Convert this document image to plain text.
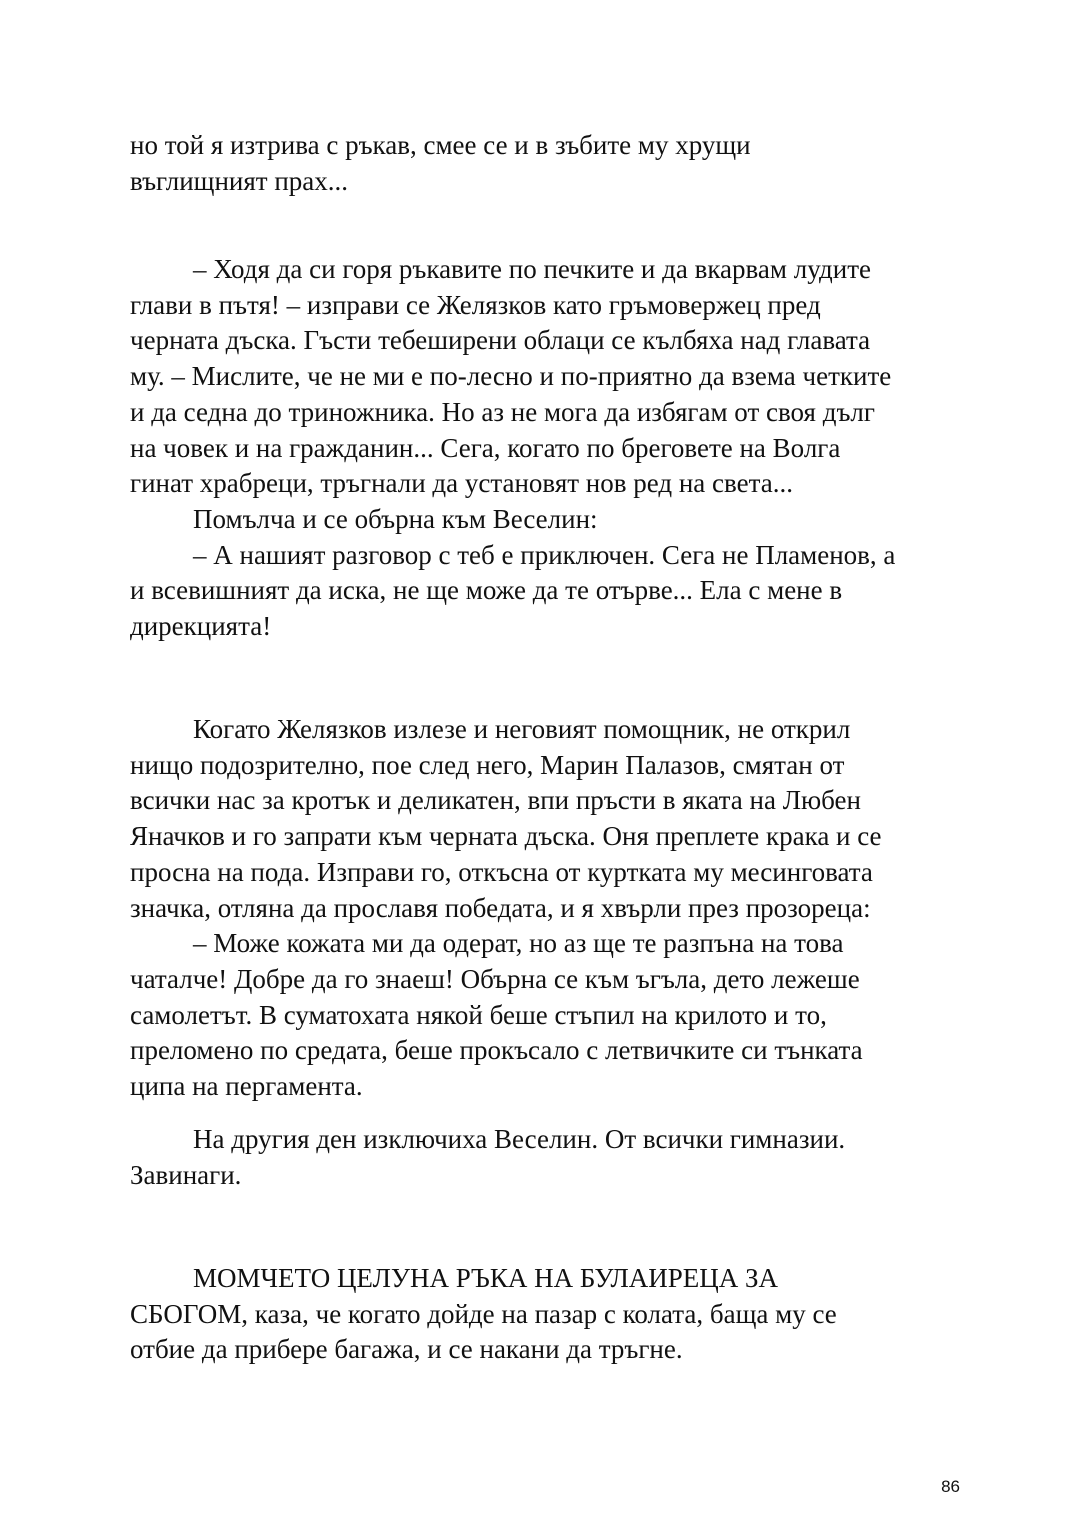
но той я изтрива с ръкав, смее се и в зъбите му хрущи
въглищният прах...

– Ходя да си горя ръкавите по печките и да вкарвам лудите
глави в пътя! – изправи се Желязков като гръмовержец пред
черната дъска. Гъсти тебеширени облаци се кълбяха над главата
му. – Мислите, че не ми е по-лесно и по-приятно да взема четките
и да седна до триножника. Но аз не мога да избягам от своя дълг
на човек и на гражданин... Сега, когато по бреговете на Волга
гинат храбреци, тръгнали да установят нов ред на света...
Помълча и се обърна към Веселин:
– А нашият разговор с теб е приключен. Сега не Пламенов, а
и всевишният да иска, не ще може да те отърве... Ела с мене в
дирекцията!

Когато Желязков излезе и неговият помощник, не открил
нищо подозрително, пое след него, Марин Палазов, смятан от
всички нас за кротък и деликатен, впи пръсти в яката на Любен
Яначков и го запрати към черната дъска. Оня преплете крака и се
просна на пода. Изправи го, откъсна от куртката му месинговата
значка, отляна да прославя победата, и я хвърли през прозореца:
– Може кожата ми да одерат, но аз ще те разпъна на това
чаталче! Добре да го знаеш! Обърна се към ъгъла, дето лежеше
самолетът. В суматохата някой беше стъпил на крилото и то,
преломено по средата, беше прокъсало с летвичките си тънката
ципа на пергамента.

На другия ден изключиха Веселин. От всички гимназии.
Завинаги.

МОМЧЕТО ЦЕЛУНА РЪКА НА БУЛАИРЕЦА ЗА
СБОГОМ, каза, че когато дойде на пазар с колата, баща му се
отбие да прибере багажа, и се накани да тръгне.

86
